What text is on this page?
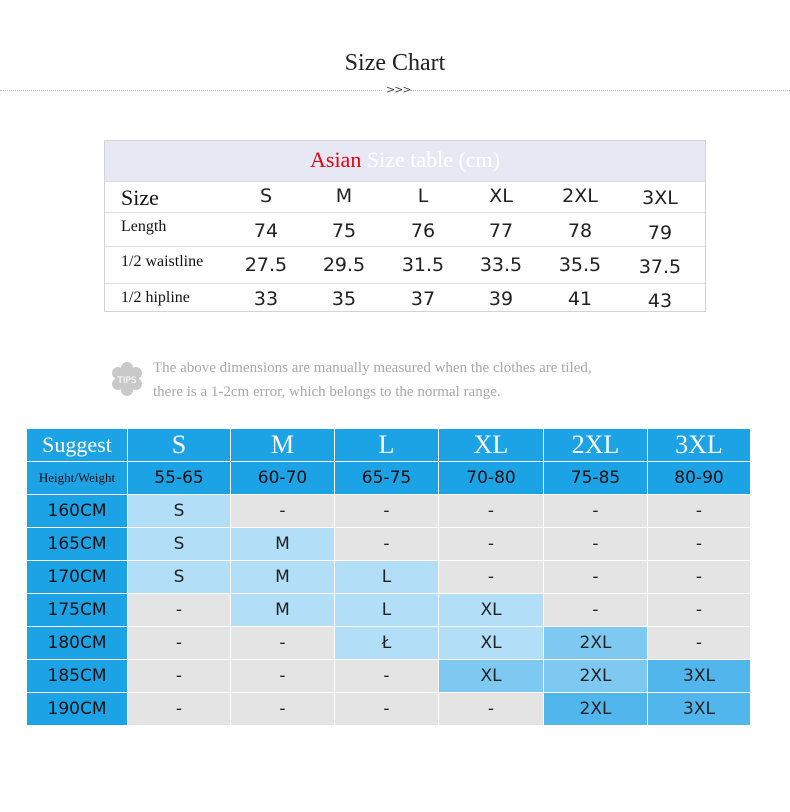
Size Chart
>>>
Asian Size table (cm)
Size	S	M	L	XL	2XL	3XL
Length	74	75	76	77	78	79
1/2 waistline	27.5	29.5	31.5	33.5	35.5	37.5
1/2 hipline	33	35	37	39	41	43
TIPS
The above dimensions are manually measured when the clothes are tiled,
there is a 1-2cm error, which belongs to the normal range.
Suggest	S	M	L	XL	2XL	3XL
Height/Weight	55-65	60-70	65-75	70-80	75-85	80-90
160CM	S	-	-	-	-	-
165CM	S	M	-	-	-	-
170CM	S	M	L	-	-	-
175CM	-	M	L	XL	-	-
180CM	-	-	Ł	XL	2XL	-
185CM	-	-	-	XL	2XL	3XL
190CM	-	-	-	-	2XL	3XL
